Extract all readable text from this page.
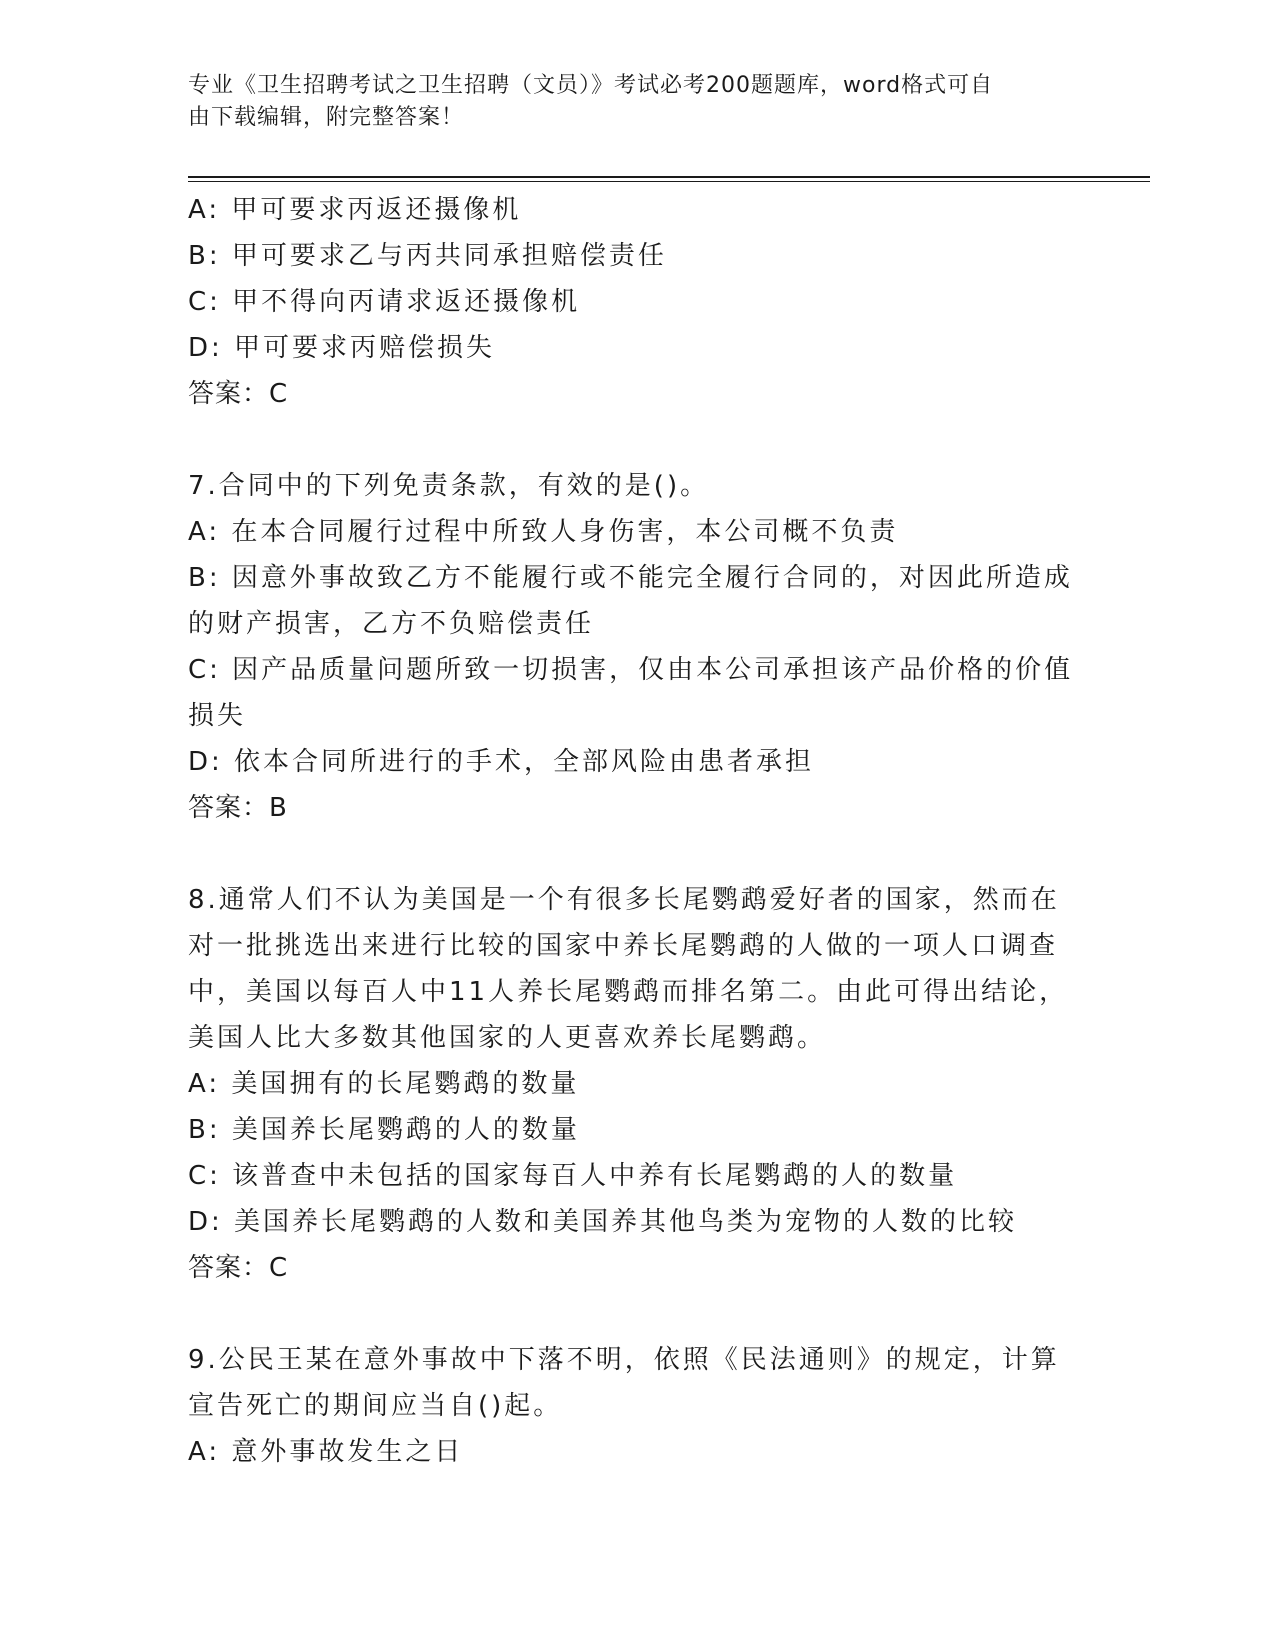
专业《卫生招聘考试之卫生招聘（文员）》考试必考200题题库，word格式可自
由下载编辑，附完整答案！

A: 甲可要求丙返还摄像机

B: 甲可要求乙与丙共同承担赔偿责任

C: 甲不得向丙请求返还摄像机

D: 甲可要求丙赔偿损失

答案：C

7.合同中的下列免责条款，有效的是()。

A: 在本合同履行过程中所致人身伤害，本公司概不负责

B: 因意外事故致乙方不能履行或不能完全履行合同的，对因此所造成

的财产损害，乙方不负赔偿责任

C: 因产品质量问题所致一切损害，仅由本公司承担该产品价格的价值

损失

D: 依本合同所进行的手术，全部风险由患者承担

答案：B

8.通常人们不认为美国是一个有很多长尾鹦鹉爱好者的国家，然而在

对一批挑选出来进行比较的国家中养长尾鹦鹉的人做的一项人口调查

中，美国以每百人中11人养长尾鹦鹉而排名第二。由此可得出结论，

美国人比大多数其他国家的人更喜欢养长尾鹦鹉。

A: 美国拥有的长尾鹦鹉的数量

B: 美国养长尾鹦鹉的人的数量

C: 该普查中未包括的国家每百人中养有长尾鹦鹉的人的数量

D: 美国养长尾鹦鹉的人数和美国养其他鸟类为宠物的人数的比较

答案：C

9.公民王某在意外事故中下落不明，依照《民法通则》的规定，计算

宣告死亡的期间应当自()起。

A: 意外事故发生之日
